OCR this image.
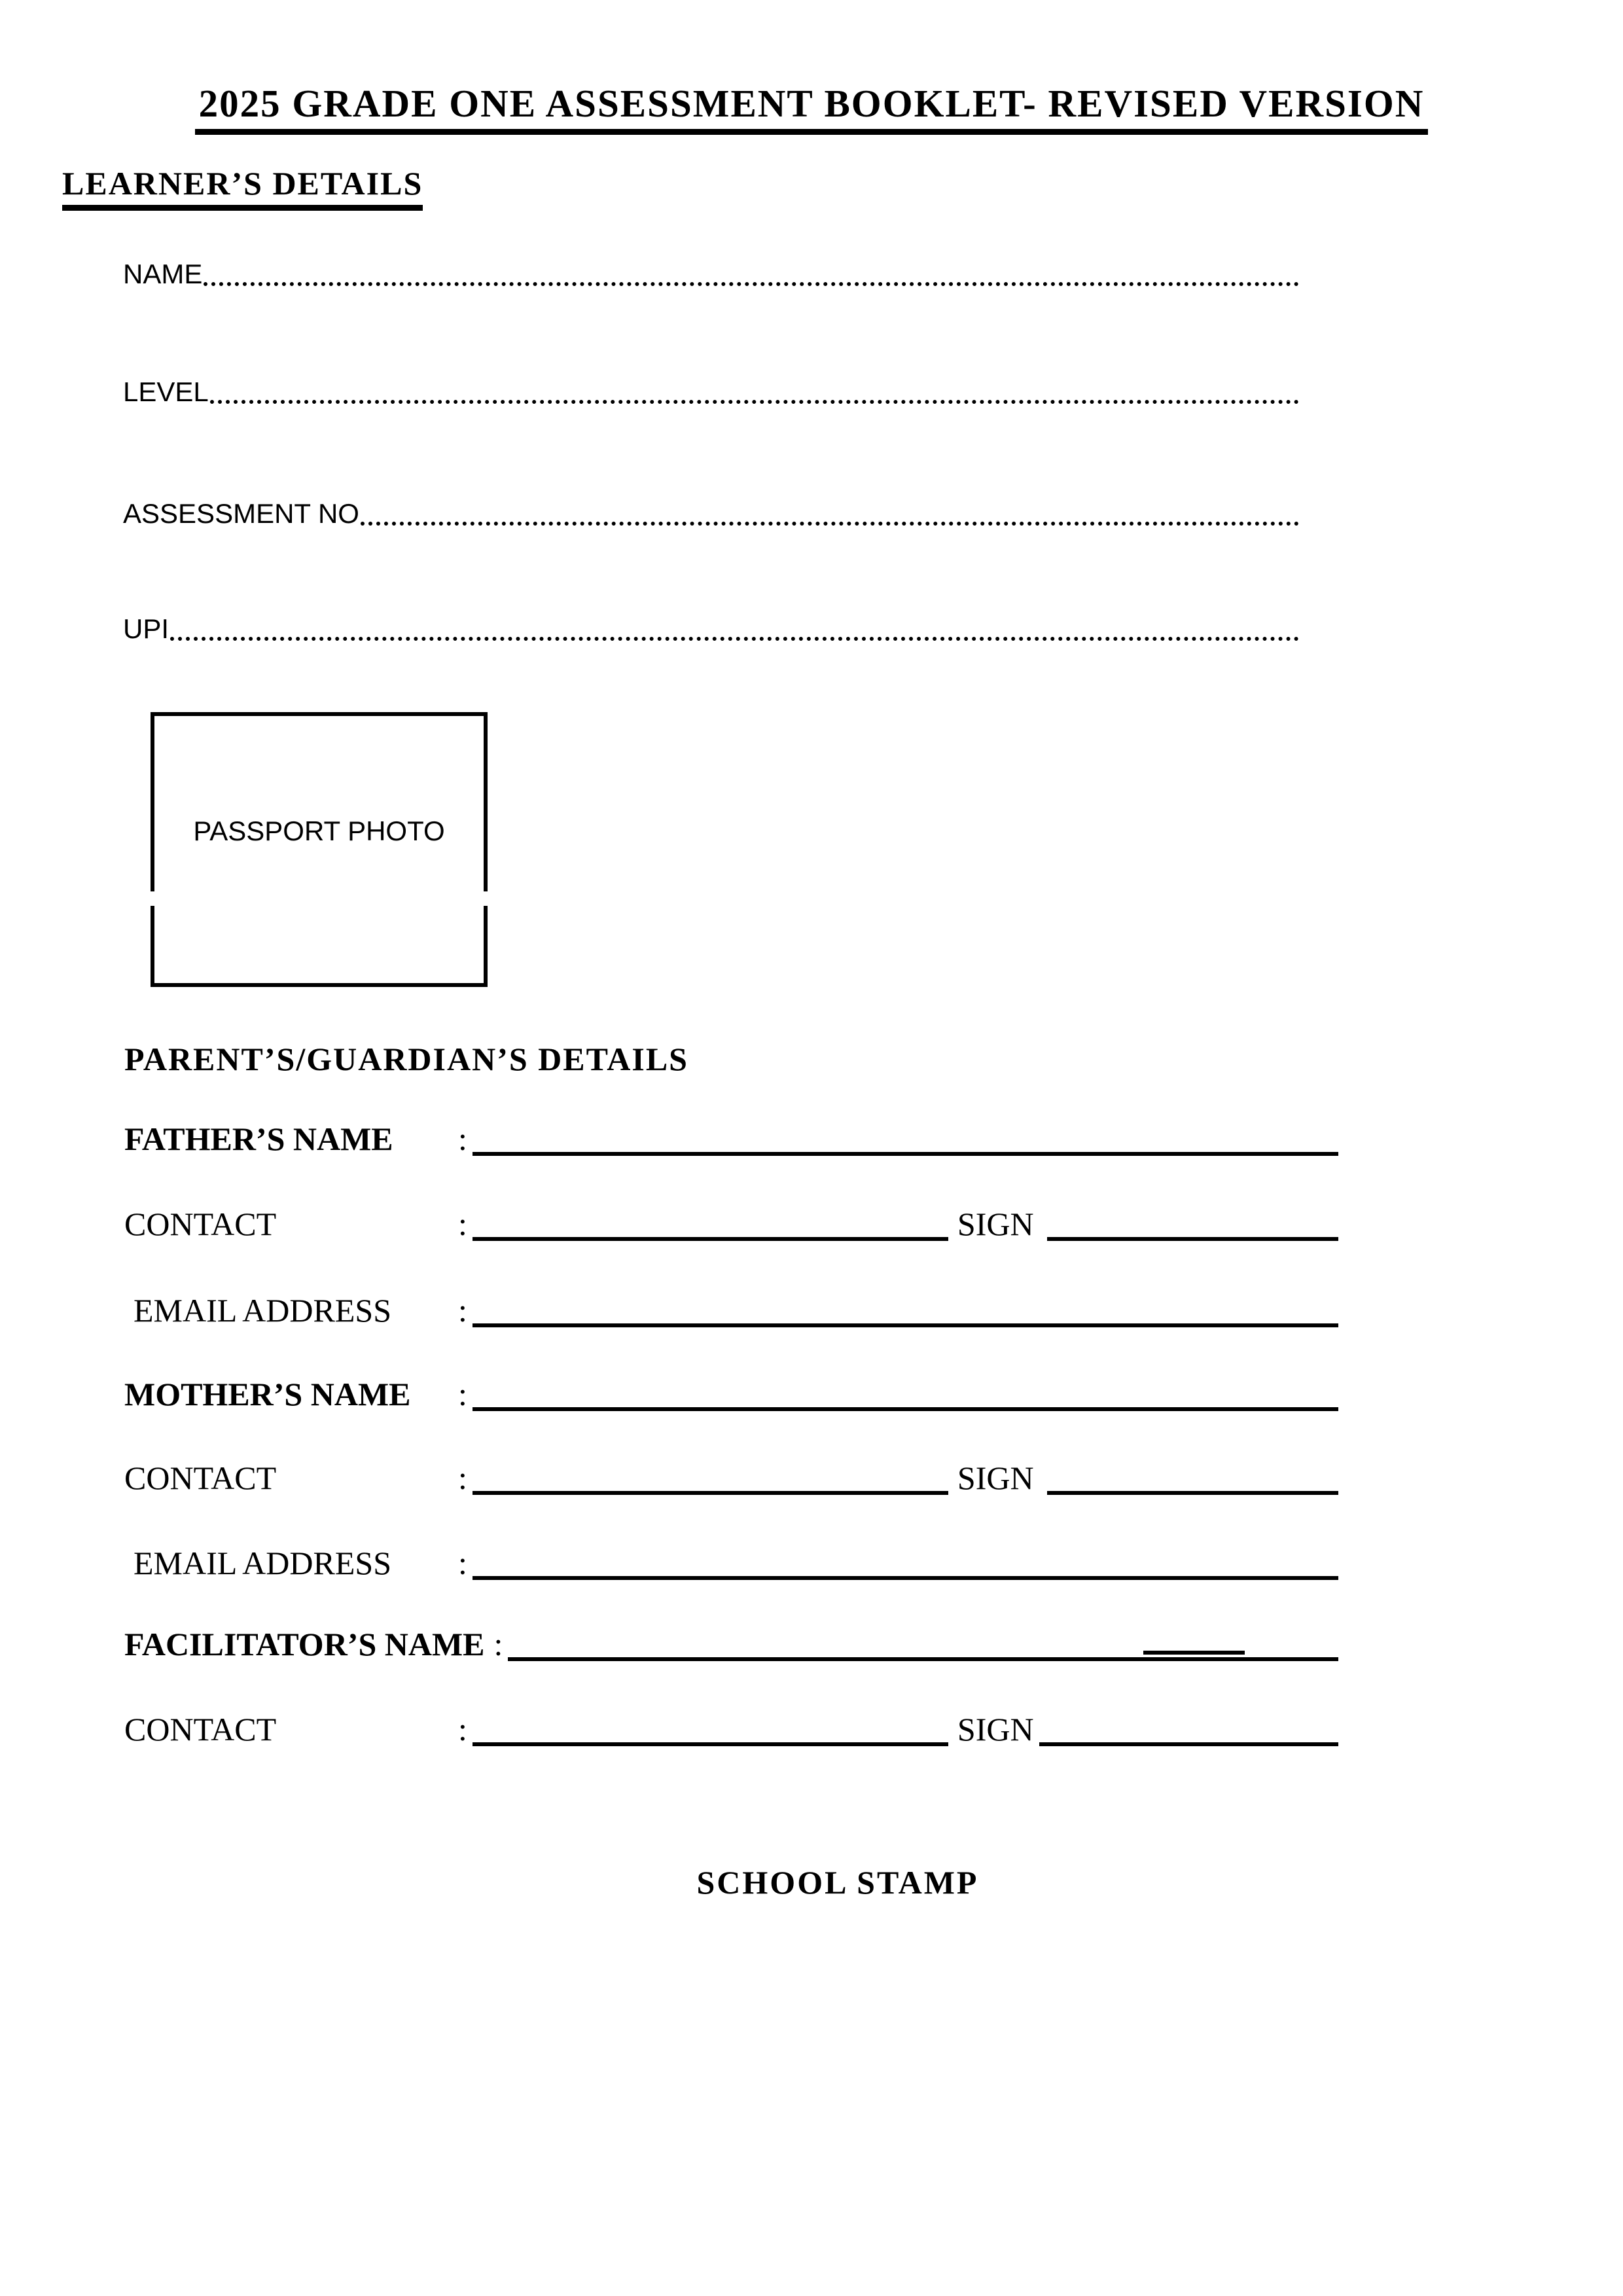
2025 GRADE ONE ASSESSMENT BOOKLET- REVISED VERSION
LEARNER’S DETAILS
NAME
LEVEL
ASSESSMENT NO
UPI
PASSPORT PHOTO
PARENT’S/GUARDIAN’S DETAILS
FATHER’S NAME	:
CONTACT	:	SIGN
EMAIL ADDRESS	:
MOTHER’S NAME	:
CONTACT	:	SIGN
EMAIL ADDRESS	:
FACILITATOR’S NAME :
CONTACT	:	SIGN
SCHOOL STAMP
